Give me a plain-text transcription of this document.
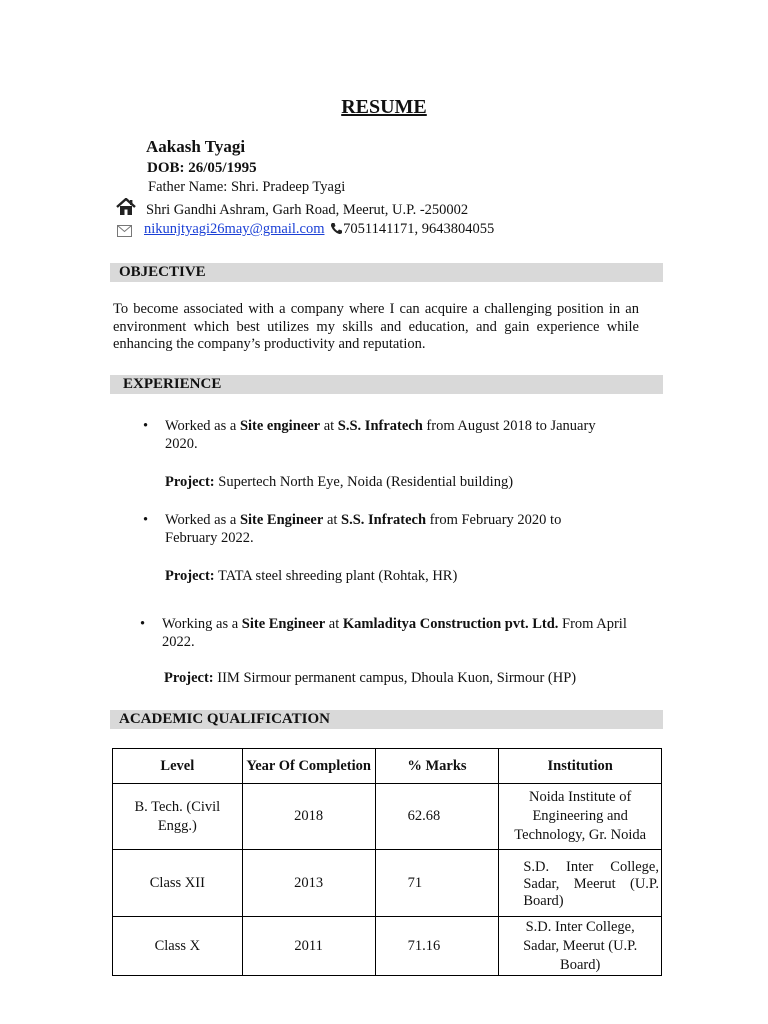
RESUME
Aakash Tyagi
DOB: 26/05/1995
Father Name: Shri. Pradeep Tyagi
Shri Gandhi Ashram, Garh Road, Meerut, U.P. -250002
nikunjtyagi26may@gmail.com 7051141171, 9643804055
OBJECTIVE
To become associated with a company where I can acquire a challenging position in an environment which best utilizes my skills and education, and gain experience while enhancing the company’s productivity and reputation.
EXPERIENCE
• Worked as a Site engineer at S.S. Infratech from August 2018 to January 2020.
Project: Supertech North Eye, Noida (Residential building)
• Worked as a Site Engineer at S.S. Infratech from February 2020 to February 2022.
Project: TATA steel shreeding plant (Rohtak, HR)
• Working as a Site Engineer at Kamladitya Construction pvt. Ltd. From April 2022.
Project: IIM Sirmour permanent campus, Dhoula Kuon, Sirmour (HP)
ACADEMIC QUALIFICATION
Level	Year Of Completion	% Marks	Institution
B. Tech. (Civil Engg.)	2018	62.68	Noida Institute of Engineering and Technology, Gr. Noida
Class XII	2013	71	S.D. Inter College, Sadar, Meerut (U.P. Board)
Class X	2011	71.16	S.D. Inter College, Sadar, Meerut (U.P. Board)
